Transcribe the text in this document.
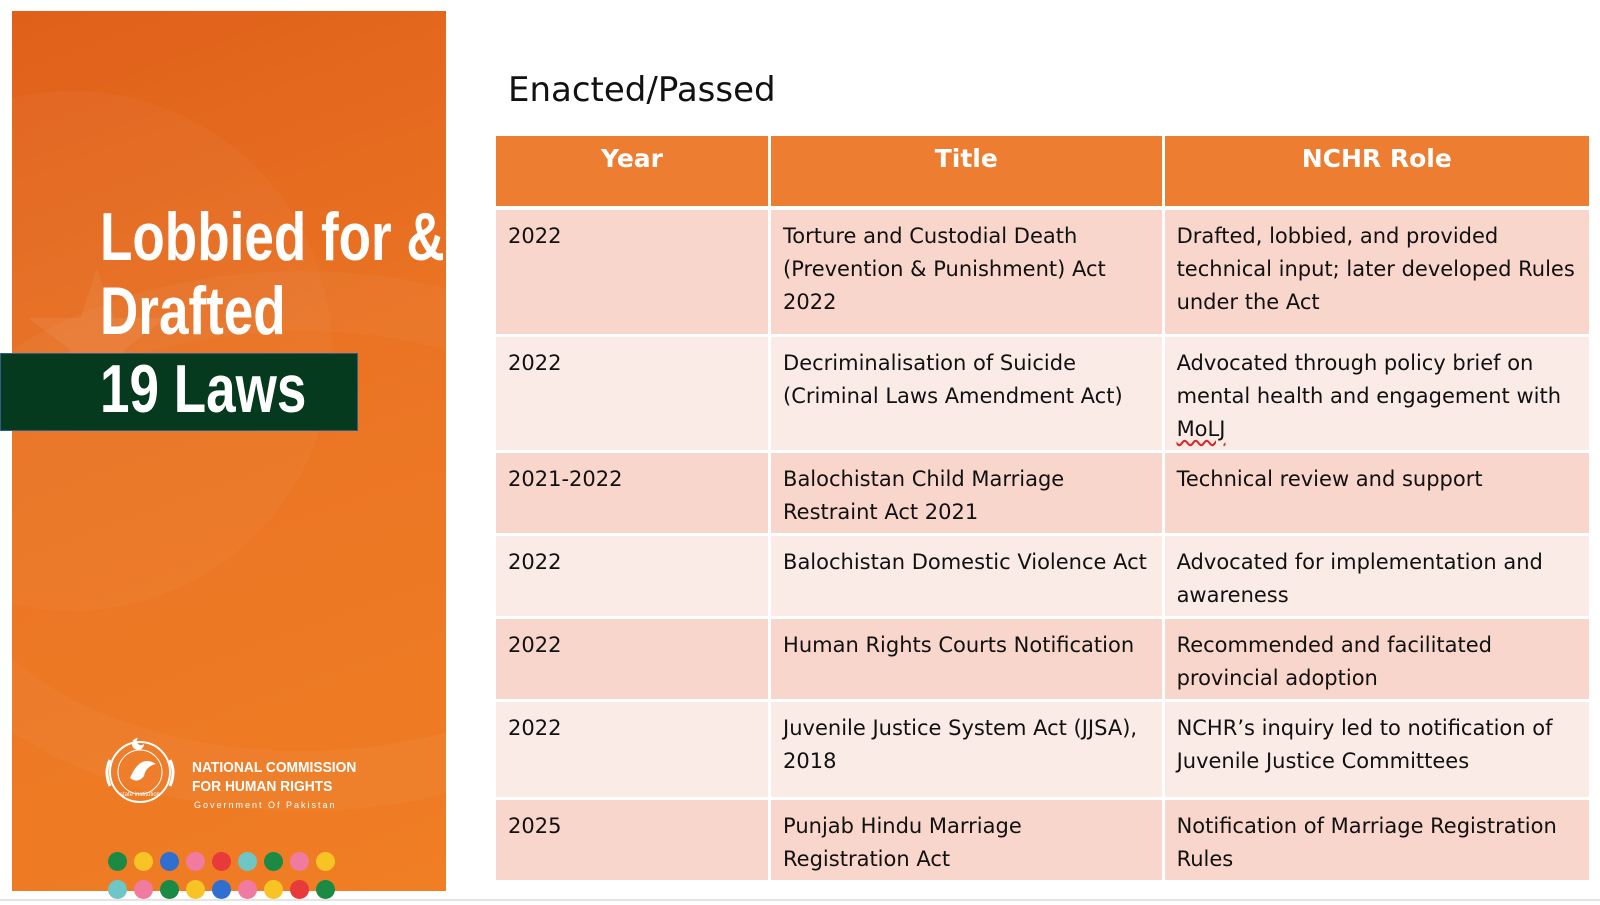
Lobbied for &
Drafted
19 Laws
state institution
NATIONAL COMMISSION
FOR HUMAN RIGHTS
Government Of Pakistan
Enacted/Passed
Year	Title	NCHR Role
2022	Torture and Custodial Death (Prevention & Punishment) Act 2022	Drafted, lobbied, and provided technical input; later developed Rules under the Act
2022	Decriminalisation of Suicide (Criminal Laws Amendment Act)	Advocated through policy brief on mental health and engagement with MoLJ
2021-2022	Balochistan Child Marriage Restraint Act 2021	Technical review and support
2022	Balochistan Domestic Violence Act	Advocated for implementation and awareness
2022	Human Rights Courts Notification	Recommended and facilitated provincial adoption
2022	Juvenile Justice System Act (JJSA), 2018	NCHR’s inquiry led to notification of Juvenile Justice Committees
2025	Punjab Hindu Marriage Registration Act	Notification of Marriage Registration Rules
